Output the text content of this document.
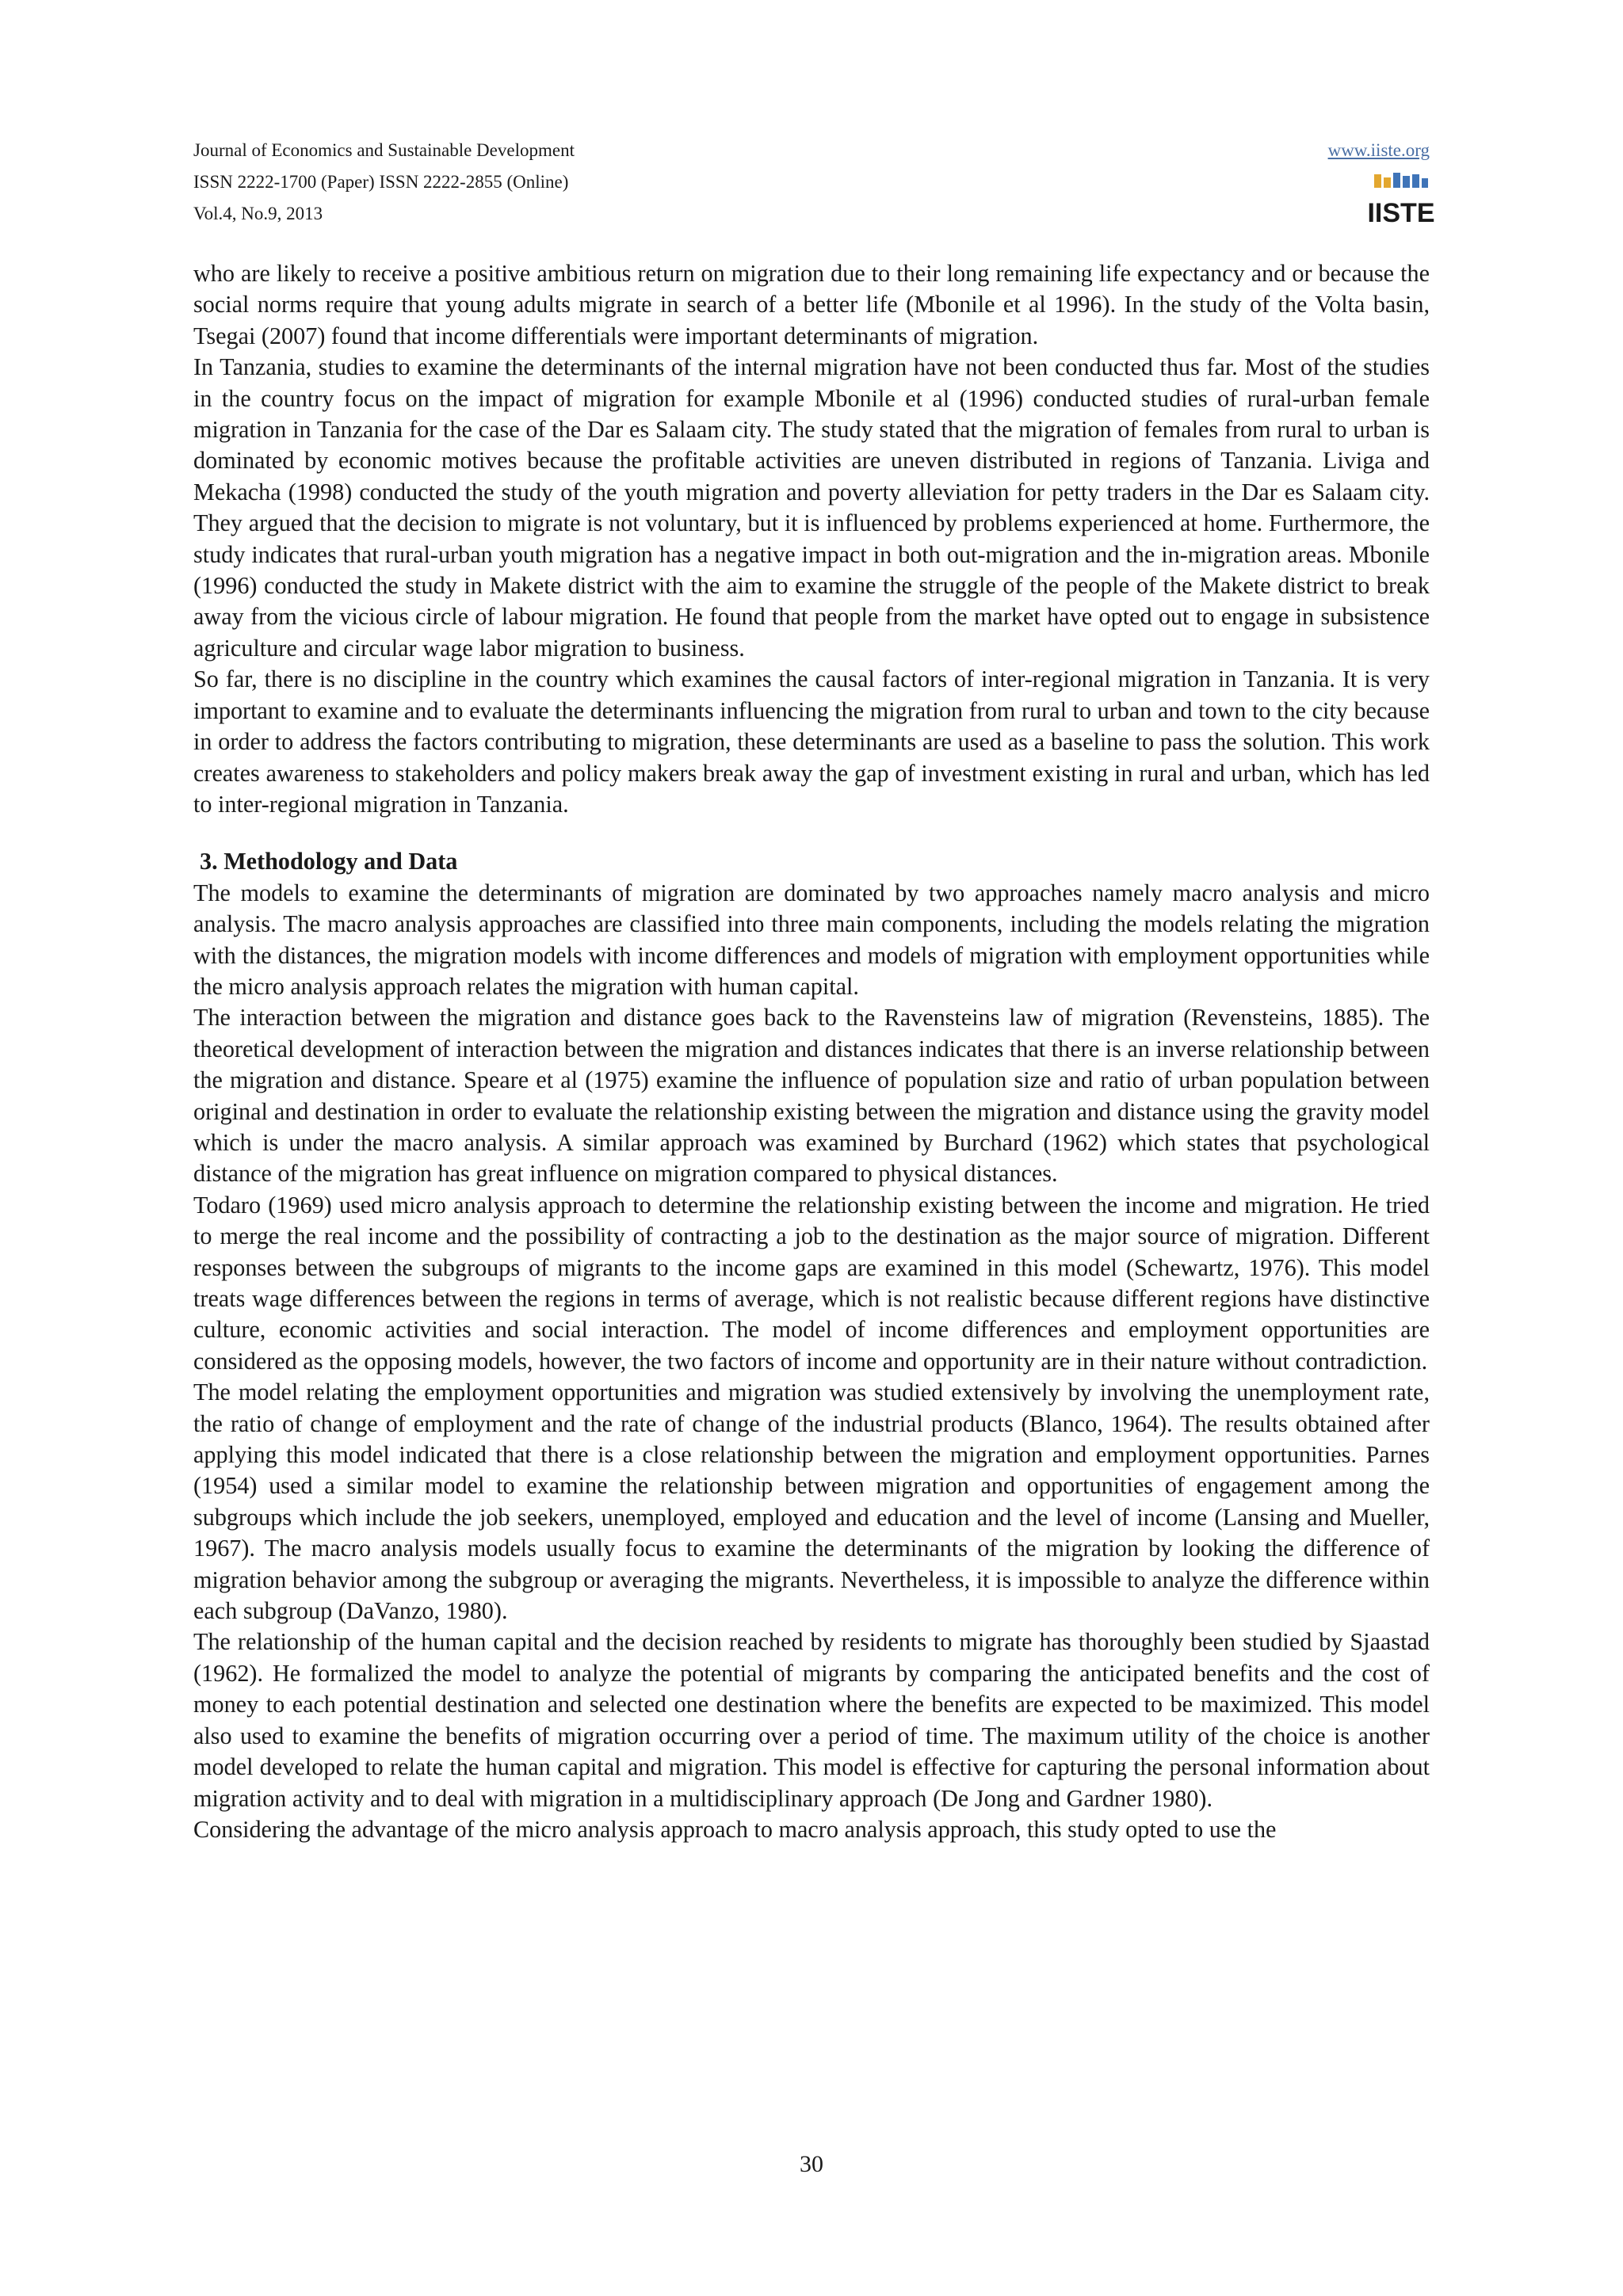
Journal of Economics and Sustainable Development
ISSN 2222-1700 (Paper) ISSN 2222-2855 (Online)
Vol.4, No.9, 2013
www.iiste.org
IISTE

who are likely to receive a positive ambitious return on migration due to their long remaining life expectancy and or because the social norms require that young adults migrate in search of a better life (Mbonile et al 1996). In the study of the Volta basin, Tsegai (2007) found that income differentials were important determinants of migration.

In Tanzania, studies to examine the determinants of the internal migration have not been conducted thus far. Most of the studies in the country focus on the impact of migration for example Mbonile et al (1996) conducted studies of rural-urban female migration in Tanzania for the case of the Dar es Salaam city. The study stated that the migration of females from rural to urban is dominated by economic motives because the profitable activities are uneven distributed in regions of Tanzania. Liviga and Mekacha (1998) conducted the study of the youth migration and poverty alleviation for petty traders in the Dar es Salaam city. They argued that the decision to migrate is not voluntary, but it is influenced by problems experienced at home. Furthermore, the study indicates that rural-urban youth migration has a negative impact in both out-migration and the in-migration areas. Mbonile (1996) conducted the study in Makete district with the aim to examine the struggle of the people of the Makete district to break away from the vicious circle of labour migration. He found that people from the market have opted out to engage in subsistence agriculture and circular wage labor migration to business.

So far, there is no discipline in the country which examines the causal factors of inter-regional migration in Tanzania. It is very important to examine and to evaluate the determinants influencing the migration from rural to urban and town to the city because in order to address the factors contributing to migration, these determinants are used as a baseline to pass the solution. This work creates awareness to stakeholders and policy makers break away the gap of investment existing in rural and urban, which has led to inter-regional migration in Tanzania.

3. Methodology and Data

The models to examine the determinants of migration are dominated by two approaches namely macro analysis and micro analysis. The macro analysis approaches are classified into three main components, including the models relating the migration with the distances, the migration models with income differences and models of migration with employment opportunities while the micro analysis approach relates the migration with human capital.

The interaction between the migration and distance goes back to the Ravensteins law of migration (Revensteins, 1885). The theoretical development of interaction between the migration and distances indicates that there is an inverse relationship between the migration and distance. Speare et al (1975) examine the influence of population size and ratio of urban population between original and destination in order to evaluate the relationship existing between the migration and distance using the gravity model which is under the macro analysis. A similar approach was examined by Burchard (1962) which states that psychological distance of the migration has great influence on migration compared to physical distances.

Todaro (1969) used micro analysis approach to determine the relationship existing between the income and migration. He tried to merge the real income and the possibility of contracting a job to the destination as the major source of migration. Different responses between the subgroups of migrants to the income gaps are examined in this model (Schewartz, 1976). This model treats wage differences between the regions in terms of average, which is not realistic because different regions have distinctive culture, economic activities and social interaction. The model of income differences and employment opportunities are considered as the opposing models, however, the two factors of income and opportunity are in their nature without contradiction.

The model relating the employment opportunities and migration was studied extensively by involving the unemployment rate, the ratio of change of employment and the rate of change of the industrial products (Blanco, 1964). The results obtained after applying this model indicated that there is a close relationship between the migration and employment opportunities. Parnes (1954) used a similar model to examine the relationship between migration and opportunities of engagement among the subgroups which include the job seekers, unemployed, employed and education and the level of income (Lansing and Mueller, 1967). The macro analysis models usually focus to examine the determinants of the migration by looking the difference of migration behavior among the subgroup or averaging the migrants. Nevertheless, it is impossible to analyze the difference within each subgroup (DaVanzo, 1980).

The relationship of the human capital and the decision reached by residents to migrate has thoroughly been studied by Sjaastad (1962). He formalized the model to analyze the potential of migrants by comparing the anticipated benefits and the cost of money to each potential destination and selected one destination where the benefits are expected to be maximized. This model also used to examine the benefits of migration occurring over a period of time. The maximum utility of the choice is another model developed to relate the human capital and migration. This model is effective for capturing the personal information about migration activity and to deal with migration in a multidisciplinary approach (De Jong and Gardner 1980).

Considering the advantage of the micro analysis approach to macro analysis approach, this study opted to use the

30
